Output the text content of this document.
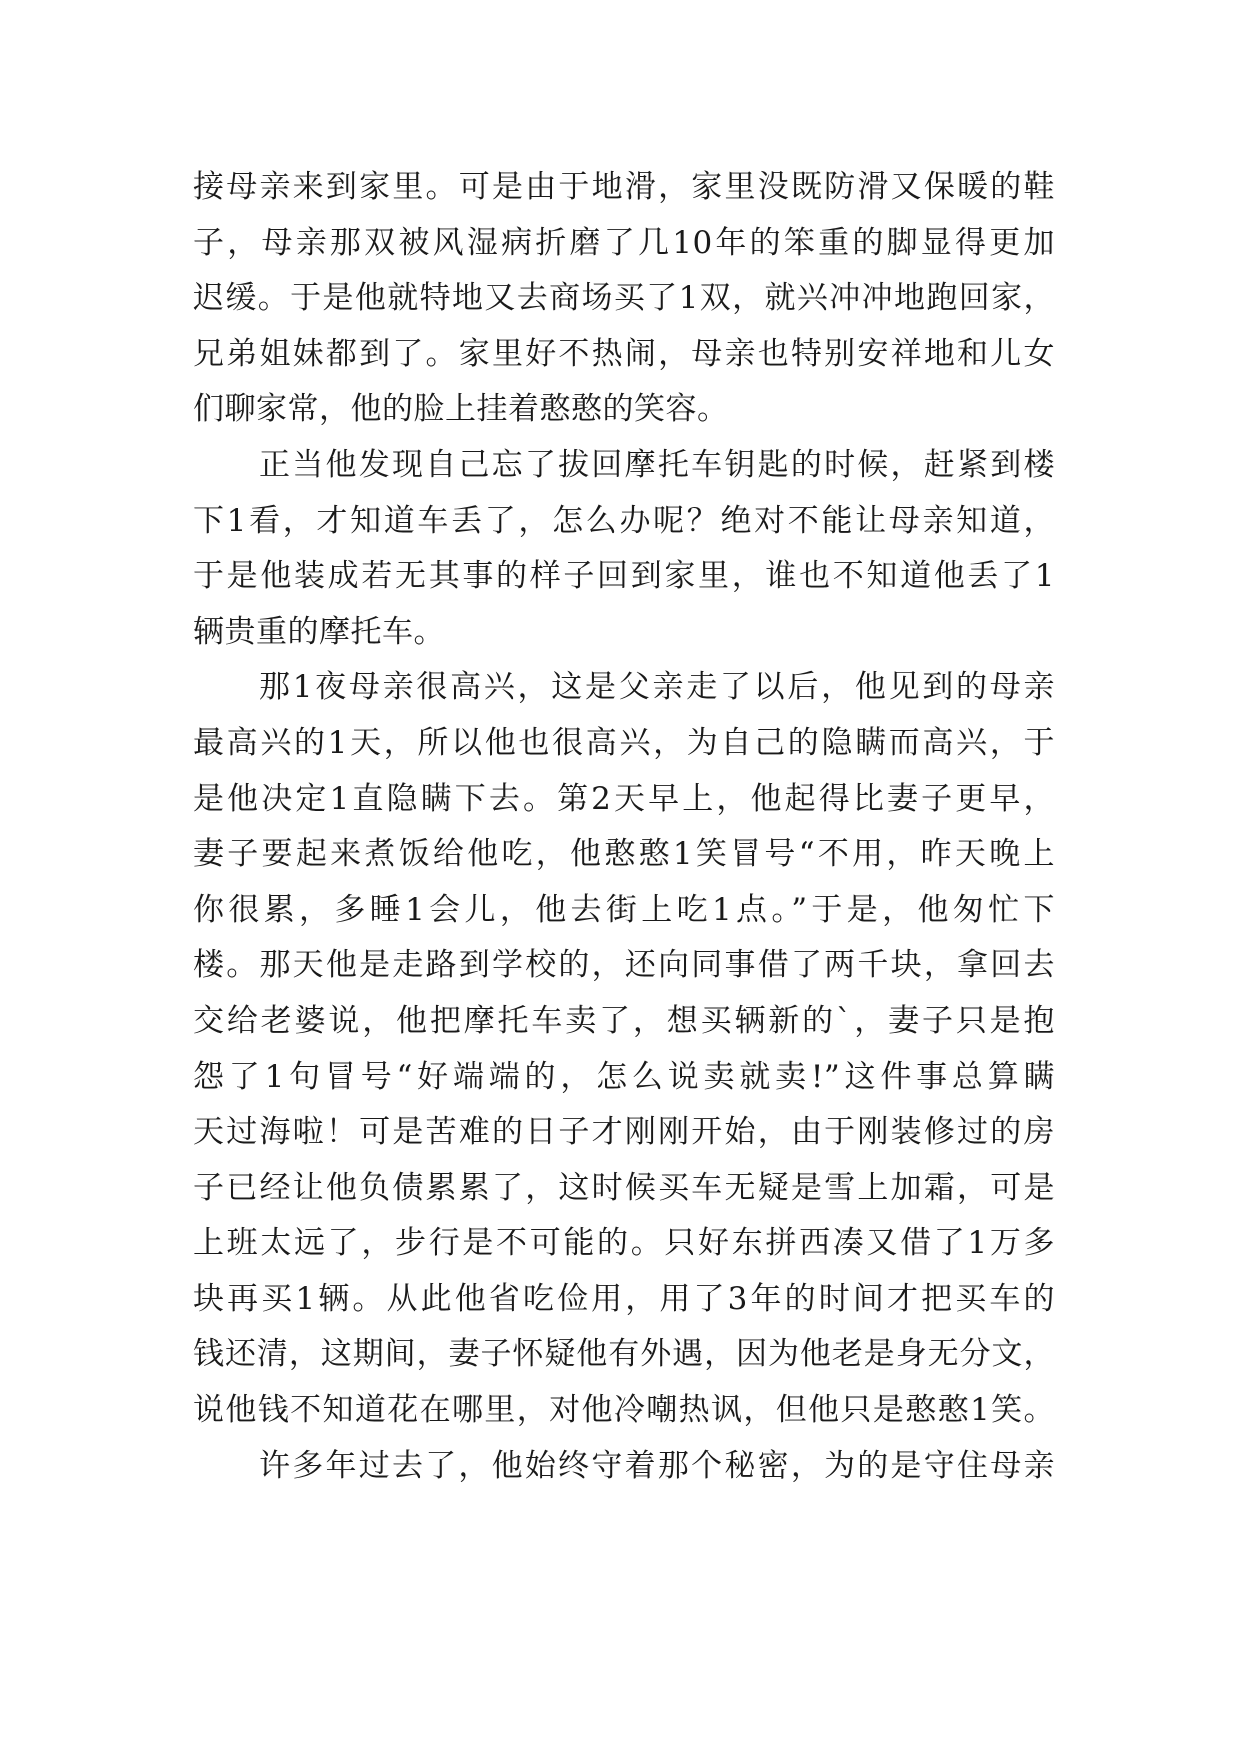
接母亲来到家里。可是由于地滑，家里没既防滑又保暖的鞋
子，母亲那双被风湿病折磨了几10年的笨重的脚显得更加
迟缓。于是他就特地又去商场买了1双，就兴冲冲地跑回家，
兄弟姐妹都到了。家里好不热闹，母亲也特别安祥地和儿女
们聊家常，他的脸上挂着憨憨的笑容。
正当他发现自己忘了拔回摩托车钥匙的时候，赶紧到楼
下1看，才知道车丢了，怎么办呢？绝对不能让母亲知道，
于是他装成若无其事的样子回到家里，谁也不知道他丢了1
辆贵重的摩托车。
那1夜母亲很高兴，这是父亲走了以后，他见到的母亲
最高兴的1天，所以他也很高兴，为自己的隐瞒而高兴，于
是他决定1直隐瞒下去。第2天早上，他起得比妻子更早，
妻子要起来煮饭给他吃，他憨憨1笑冒号“不用，昨天晚上
你很累，多睡1会儿，他去街上吃1点。”于是，他匆忙下
楼。那天他是走路到学校的，还向同事借了两千块，拿回去
交给老婆说，他把摩托车卖了，想买辆新的`，妻子只是抱
怨了1句冒号“好端端的，怎么说卖就卖!”这件事总算瞒
天过海啦！可是苦难的日子才刚刚开始，由于刚装修过的房
子已经让他负债累累了，这时候买车无疑是雪上加霜，可是
上班太远了，步行是不可能的。只好东拼西凑又借了1万多
块再买1辆。从此他省吃俭用，用了3年的时间才把买车的
钱还清，这期间，妻子怀疑他有外遇，因为他老是身无分文，
说他钱不知道花在哪里，对他冷嘲热讽，但他只是憨憨1笑。
许多年过去了，他始终守着那个秘密，为的是守住母亲
